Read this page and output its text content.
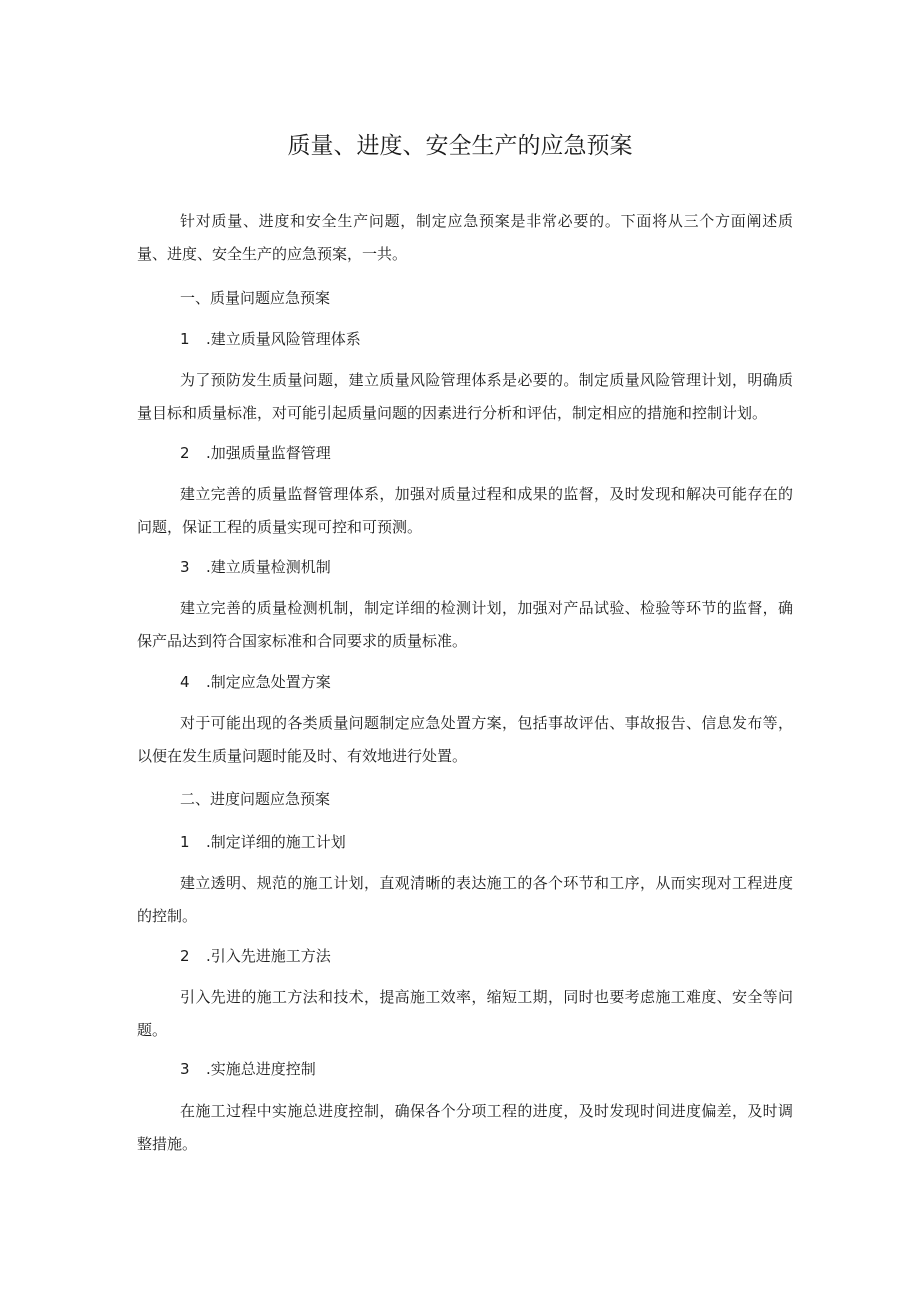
质量、进度、安全生产的应急预案

针对质量、进度和安全生产问题，制定应急预案是非常必要的。下面将从三个方面阐述质量、进度、安全生产的应急预案，一共。

一、质量问题应急预案

1 .建立质量风险管理体系

为了预防发生质量问题，建立质量风险管理体系是必要的。制定质量风险管理计划，明确质量目标和质量标准，对可能引起质量问题的因素进行分析和评估，制定相应的措施和控制计划。

2 .加强质量监督管理

建立完善的质量监督管理体系，加强对质量过程和成果的监督，及时发现和解决可能存在的问题，保证工程的质量实现可控和可预测。

3 .建立质量检测机制

建立完善的质量检测机制，制定详细的检测计划，加强对产品试验、检验等环节的监督，确保产品达到符合国家标准和合同要求的质量标准。

4 .制定应急处置方案

对于可能出现的各类质量问题制定应急处置方案，包括事故评估、事故报告、信息发布等，以便在发生质量问题时能及时、有效地进行处置。

二、进度问题应急预案

1 .制定详细的施工计划

建立透明、规范的施工计划，直观清晰的表达施工的各个环节和工序，从而实现对工程进度的控制。

2 .引入先进施工方法

引入先进的施工方法和技术，提高施工效率，缩短工期，同时也要考虑施工难度、安全等问题。

3 .实施总进度控制

在施工过程中实施总进度控制，确保各个分项工程的进度，及时发现时间进度偏差，及时调整措施。
